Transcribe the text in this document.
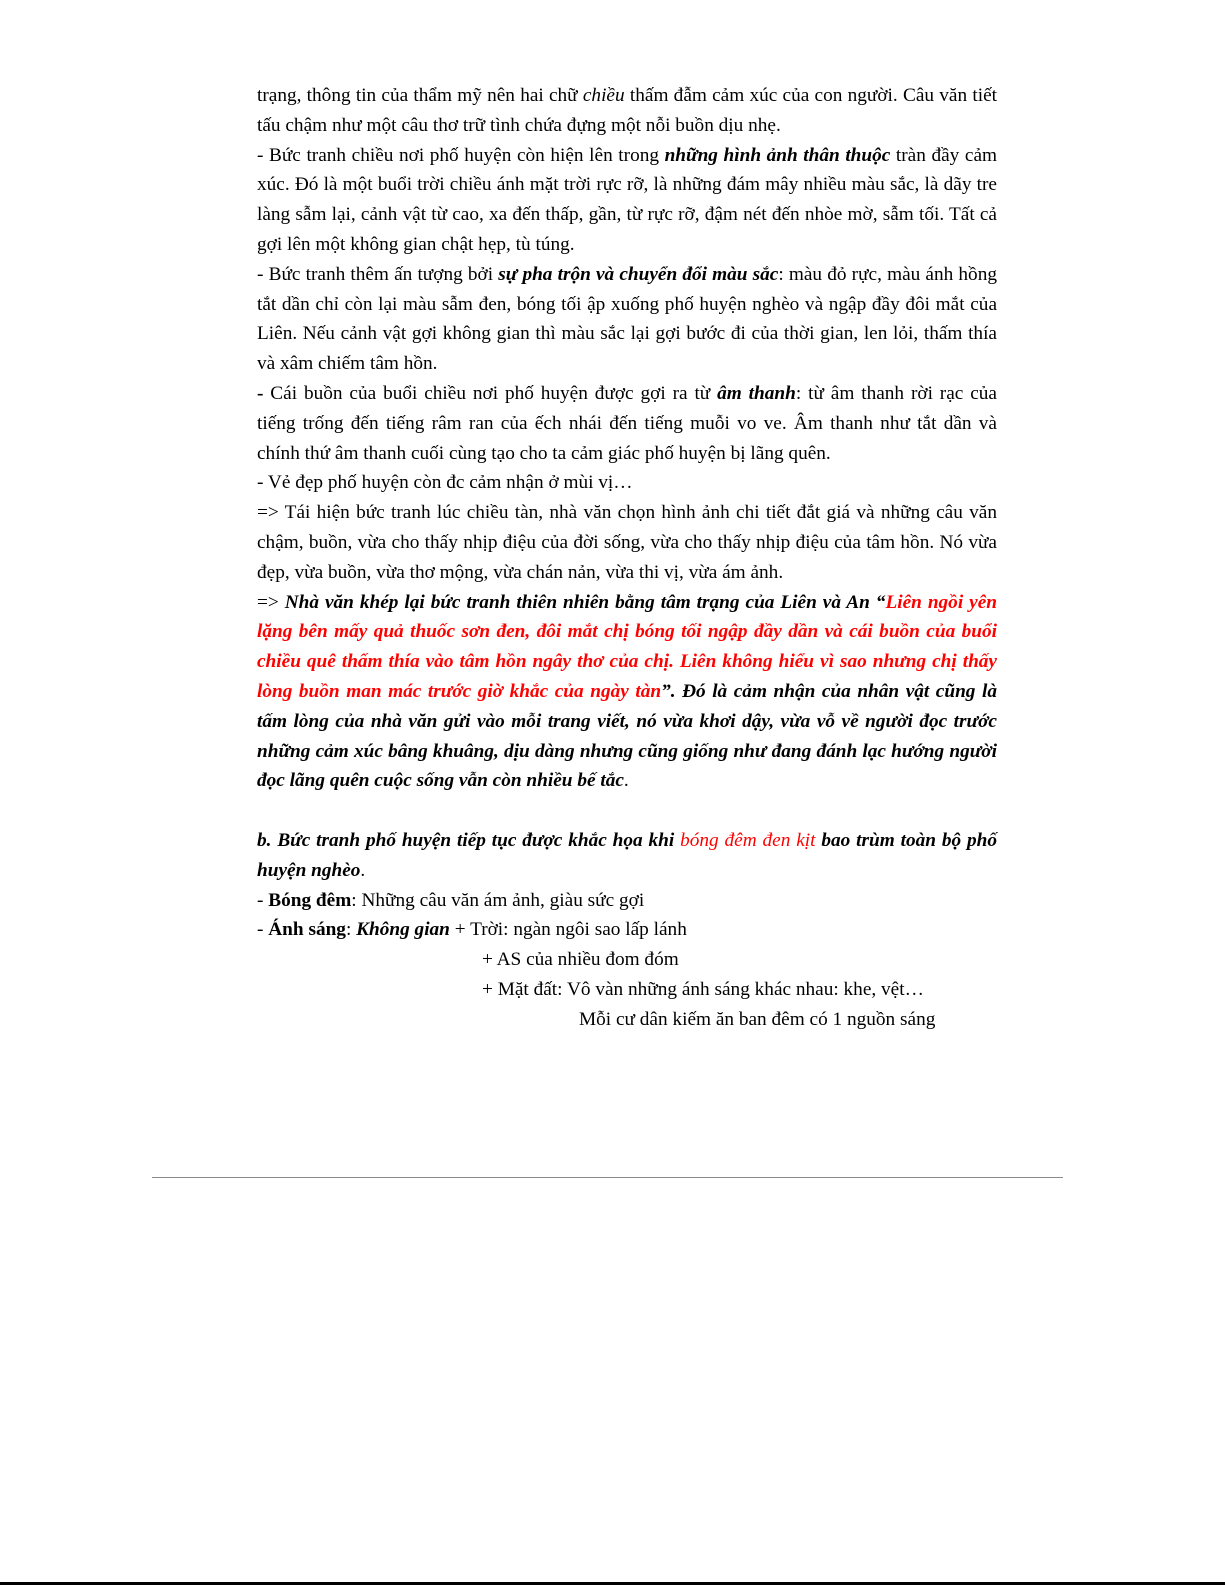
trạng, thông tin của thẩm mỹ nên hai chữ chiều thấm đẫm cảm xúc của con người. Câu văn tiết tấu chậm như một câu thơ trữ tình chứa đựng một nỗi buồn dịu nhẹ.

- Bức tranh chiều nơi phố huyện còn hiện lên trong những hình ảnh thân thuộc tràn đầy cảm xúc. Đó là một buổi trời chiều ánh mặt trời rực rỡ, là những đám mây nhiều màu sắc, là dãy tre làng sẫm lại, cảnh vật từ cao, xa đến thấp, gần, từ rực rỡ, đậm nét đến nhòe mờ, sẫm tối. Tất cả gợi lên một không gian chật hẹp, tù túng.

- Bức tranh thêm ấn tượng bởi sự pha trộn và chuyển đổi màu sắc: màu đỏ rực, màu ánh hồng tắt dần chỉ còn lại màu sẫm đen, bóng tối ập xuống phố huyện nghèo và ngập đầy đôi mắt của Liên. Nếu cảnh vật gợi không gian thì màu sắc lại gợi bước đi của thời gian, len lỏi, thấm thía và xâm chiếm tâm hồn.

- Cái buồn của buổi chiều nơi phố huyện được gợi ra từ âm thanh: từ âm thanh rời rạc của tiếng trống đến tiếng râm ran của ếch nhái đến tiếng muỗi vo ve. Âm thanh như tắt dần và chính thứ âm thanh cuối cùng tạo cho ta cảm giác phố huyện bị lãng quên.

- Vẻ đẹp phố huyện còn đc cảm nhận ở mùi vị…

=> Tái hiện bức tranh lúc chiều tàn, nhà văn chọn hình ảnh chi tiết đắt giá và những câu văn chậm, buồn, vừa cho thấy nhịp điệu của đời sống, vừa cho thấy nhịp điệu của tâm hồn. Nó vừa đẹp, vừa buồn, vừa thơ mộng, vừa chán nản, vừa thi vị, vừa ám ảnh.

=> Nhà văn khép lại bức tranh thiên nhiên bằng tâm trạng của Liên và An “Liên ngồi yên lặng bên mấy quả thuốc sơn đen, đôi mắt chị bóng tối ngập đầy dần và cái buồn của buổi chiều quê thấm thía vào tâm hồn ngây thơ của chị. Liên không hiểu vì sao nhưng chị thấy lòng buồn man mác trước giờ khắc của ngày tàn”. Đó là cảm nhận của nhân vật cũng là tấm lòng của nhà văn gửi vào mỗi trang viết, nó vừa khơi dậy, vừa vỗ về người đọc trước những cảm xúc bâng khuâng, dịu dàng nhưng cũng giống như đang đánh lạc hướng người đọc lãng quên cuộc sống vẫn còn nhiều bế tắc.

b. Bức tranh phố huyện tiếp tục được khắc họa khi bóng đêm đen kịt bao trùm toàn bộ phố huyện nghèo.

- Bóng đêm: Những câu văn ám ảnh, giàu sức gợi

- Ánh sáng: Không gian + Trời: ngàn ngôi sao lấp lánh

+ AS của nhiều đom đóm

+ Mặt đất: Vô vàn những ánh sáng khác nhau: khe, vệt…

Mỗi cư dân kiếm ăn ban đêm có 1 nguồn sáng
